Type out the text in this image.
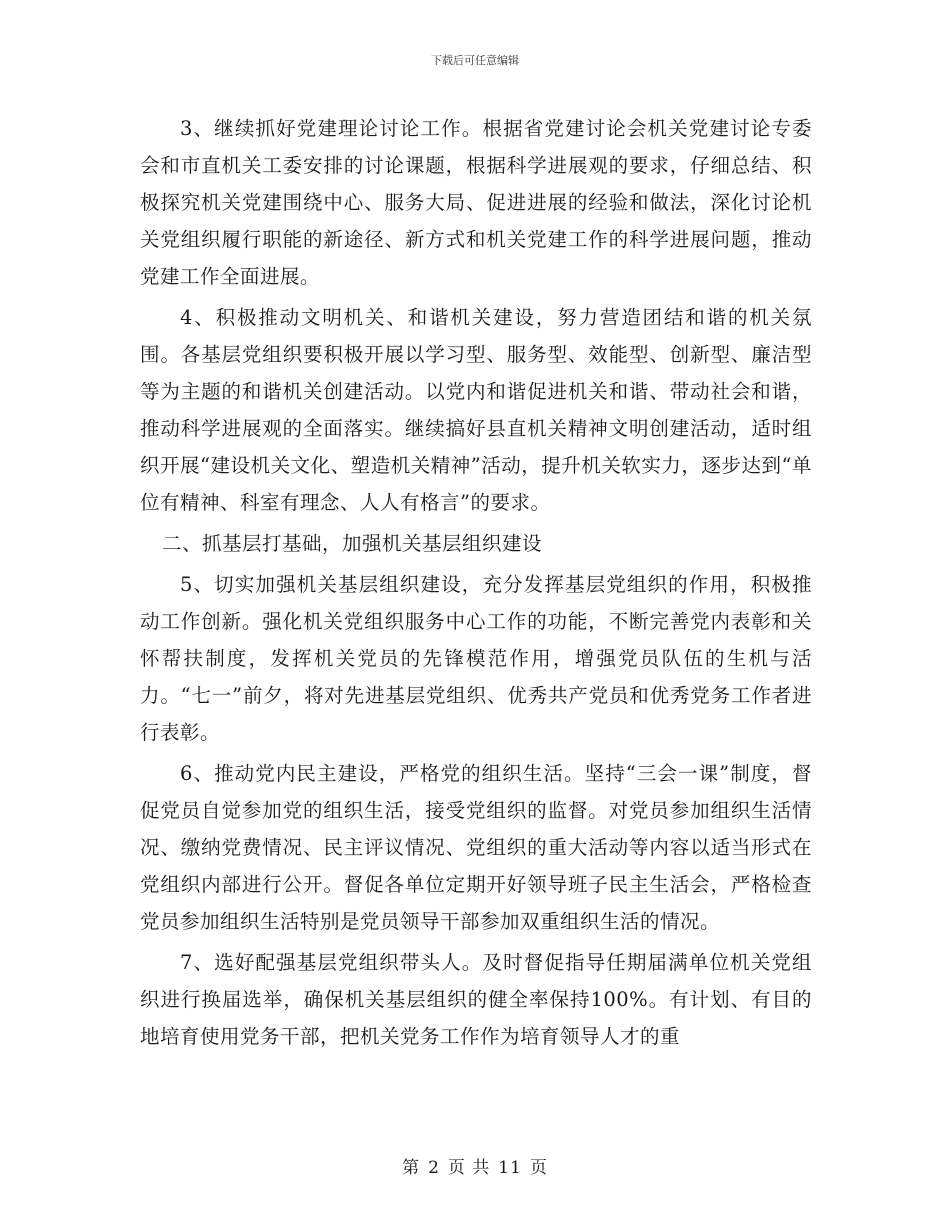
下载后可任意编辑

3、继续抓好党建理论讨论工作。根据省党建讨论会机关党建讨论专委会和市直机关工委安排的讨论课题，根据科学进展观的要求，仔细总结、积极探究机关党建围绕中心、服务大局、促进进展的经验和做法，深化讨论机关党组织履行职能的新途径、新方式和机关党建工作的科学进展问题，推动党建工作全面进展。

4、积极推动文明机关、和谐机关建设，努力营造团结和谐的机关氛围。各基层党组织要积极开展以学习型、服务型、效能型、创新型、廉洁型等为主题的和谐机关创建活动。以党内和谐促进机关和谐、带动社会和谐，推动科学进展观的全面落实。继续搞好县直机关精神文明创建活动，适时组织开展“建设机关文化、塑造机关精神”活动，提升机关软实力，逐步达到“单位有精神、科室有理念、人人有格言”的要求。

二、抓基层打基础，加强机关基层组织建设

5、切实加强机关基层组织建设，充分发挥基层党组织的作用，积极推动工作创新。强化机关党组织服务中心工作的功能，不断完善党内表彰和关怀帮扶制度，发挥机关党员的先锋模范作用，增强党员队伍的生机与活力。“七一”前夕，将对先进基层党组织、优秀共产党员和优秀党务工作者进行表彰。

6、推动党内民主建设，严格党的组织生活。坚持“三会一课”制度，督促党员自觉参加党的组织生活，接受党组织的监督。对党员参加组织生活情况、缴纳党费情况、民主评议情况、党组织的重大活动等内容以适当形式在党组织内部进行公开。督促各单位定期开好领导班子民主生活会，严格检查党员参加组织生活特别是党员领导干部参加双重组织生活的情况。

7、选好配强基层党组织带头人。及时督促指导任期届满单位机关党组织进行换届选举，确保机关基层组织的健全率保持100%。有计划、有目的地培育使用党务干部，把机关党务工作作为培育领导人才的重

第 2 页 共 11 页
